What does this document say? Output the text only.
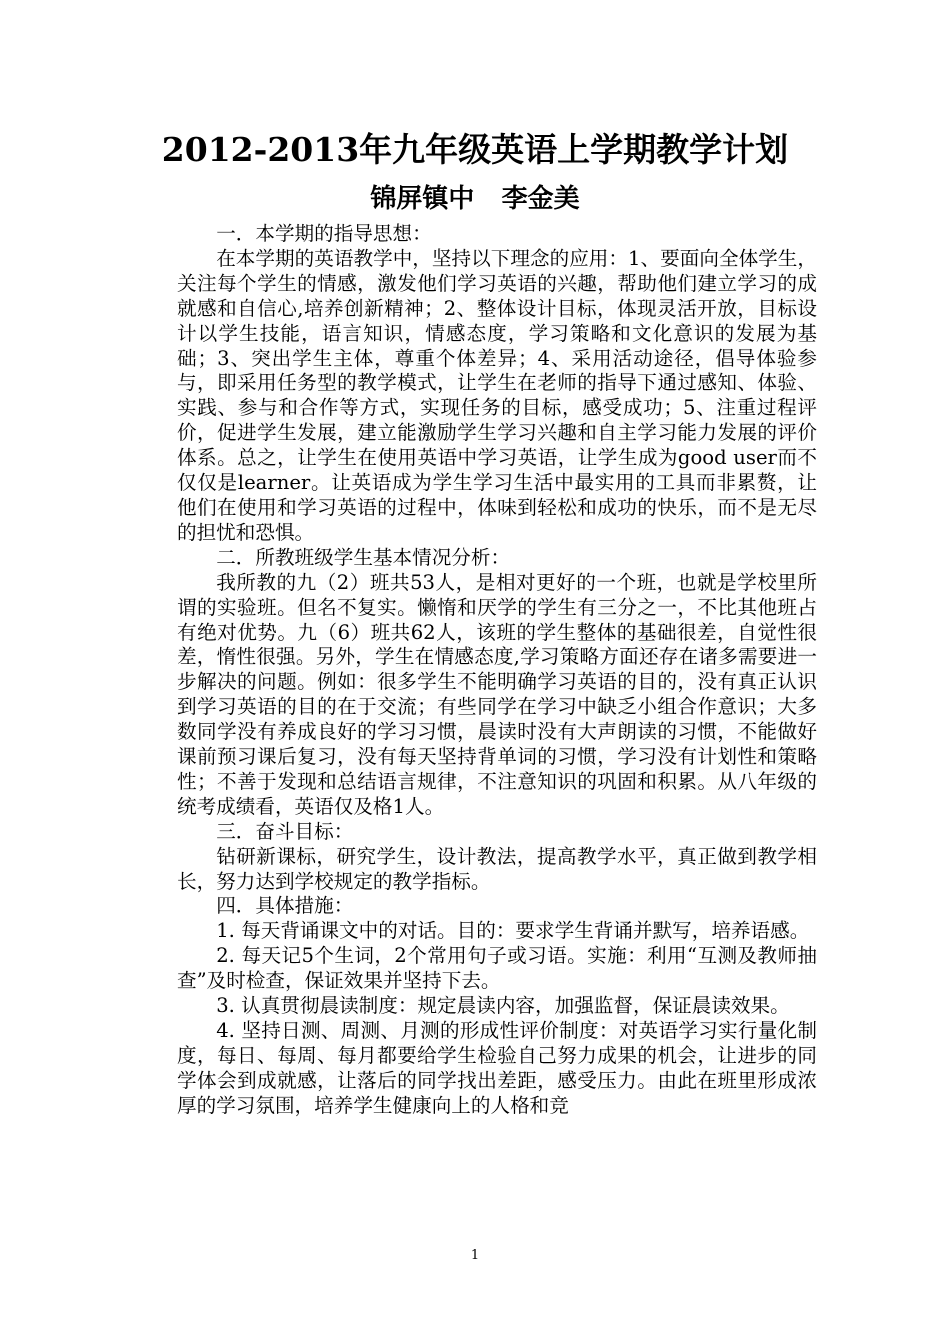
2012-2013年九年级英语上学期教学计划
锦屏镇中   李金美

一．本学期的指导思想：

在本学期的英语教学中，坚持以下理念的应用：1、要面向全体学生，关注每个学生的情感，激发他们学习英语的兴趣，帮助他们建立学习的成就感和自信心,培养创新精神；2、整体设计目标，体现灵活开放，目标设计以学生技能，语言知识，情感态度，学习策略和文化意识的发展为基础；3、突出学生主体，尊重个体差异；4、采用活动途径，倡导体验参与，即采用任务型的教学模式，让学生在老师的指导下通过感知、体验、实践、参与和合作等方式，实现任务的目标，感受成功；5、注重过程评价，促进学生发展，建立能激励学生学习兴趣和自主学习能力发展的评价体系。总之，让学生在使用英语中学习英语，让学生成为good user而不仅仅是learner。让英语成为学生学习生活中最实用的工具而非累赘，让他们在使用和学习英语的过程中，体味到轻松和成功的快乐，而不是无尽的担忧和恐惧。

二．所教班级学生基本情况分析：

我所教的九（2）班共53人，是相对更好的一个班，也就是学校里所谓的实验班。但名不复实。懒惰和厌学的学生有三分之一，不比其他班占有绝对优势。九（6）班共62人，该班的学生整体的基础很差，自觉性很差，惰性很强。另外，学生在情感态度,学习策略方面还存在诸多需要进一步解决的问题。例如：很多学生不能明确学习英语的目的，没有真正认识到学习英语的目的在于交流；有些同学在学习中缺乏小组合作意识；大多数同学没有养成良好的学习习惯，晨读时没有大声朗读的习惯，不能做好课前预习课后复习，没有每天坚持背单词的习惯，学习没有计划性和策略性；不善于发现和总结语言规律，不注意知识的巩固和积累。从八年级的统考成绩看，英语仅及格1人。

三．奋斗目标：

钻研新课标，研究学生，设计教法，提高教学水平，真正做到教学相长，努力达到学校规定的教学指标。

四．具体措施：

1. 每天背诵课文中的对话。目的：要求学生背诵并默写，培养语感。

2. 每天记5个生词，2个常用句子或习语。实施：利用“互测及教师抽查”及时检查，保证效果并坚持下去。

3. 认真贯彻晨读制度：规定晨读内容，加强监督，保证晨读效果。

4. 坚持日测、周测、月测的形成性评价制度：对英语学习实行量化制度，每日、每周、每月都要给学生检验自己努力成果的机会，让进步的同学体会到成就感，让落后的同学找出差距，感受压力。由此在班里形成浓厚的学习氛围，培养学生健康向上的人格和竞

1
